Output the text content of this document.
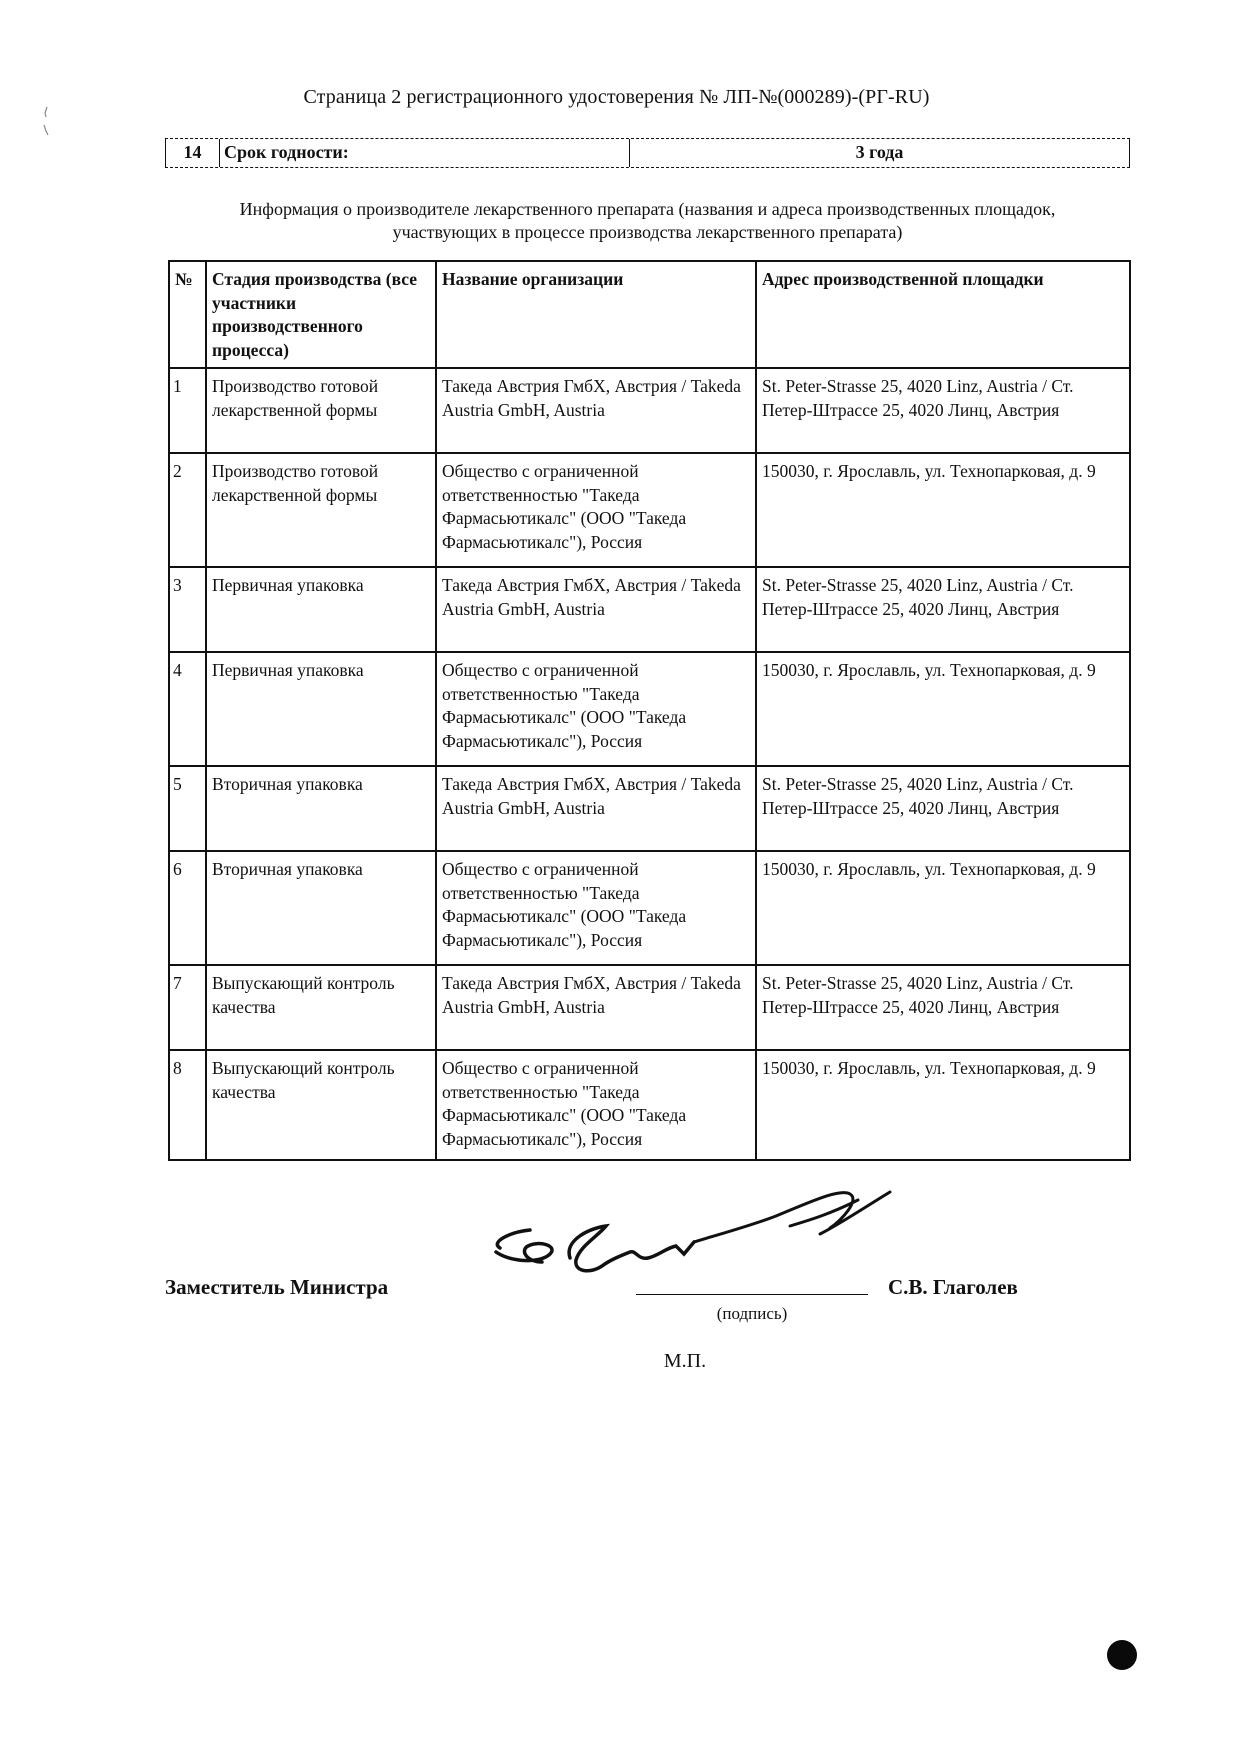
Страница 2 регистрационного удостоверения № ЛП-№(000289)-(РГ-RU)
14	Срок годности:	3 года
Информация о производителе лекарственного препарата (названия и адреса производственных площадок,
участвующих в процессе производства лекарственного препарата)
№	Стадия производства (все участники производственного процесса)	Название организации	Адрес производственной площадки
1	Производство готовой лекарственной формы	Такеда Австрия ГмбХ, Австрия / Takeda Austria GmbH, Austria	St. Peter-Strasse 25, 4020 Linz, Austria / Ст. Петер-Штрассе 25, 4020 Линц, Австрия
2	Производство готовой лекарственной формы	Общество с ограниченной ответственностью "Такеда Фармасьютикалс" (ООО "Такеда Фармасьютикалс"), Россия	150030, г. Ярославль, ул. Технопарковая, д. 9
3	Первичная упаковка	Такеда Австрия ГмбХ, Австрия / Takeda Austria GmbH, Austria	St. Peter-Strasse 25, 4020 Linz, Austria / Ст. Петер-Штрассе 25, 4020 Линц, Австрия
4	Первичная упаковка	Общество с ограниченной ответственностью "Такеда Фармасьютикалс" (ООО "Такеда Фармасьютикалс"), Россия	150030, г. Ярославль, ул. Технопарковая, д. 9
5	Вторичная упаковка	Такеда Австрия ГмбХ, Австрия / Takeda Austria GmbH, Austria	St. Peter-Strasse 25, 4020 Linz, Austria / Ст. Петер-Штрассе 25, 4020 Линц, Австрия
6	Вторичная упаковка	Общество с ограниченной ответственностью "Такеда Фармасьютикалс" (ООО "Такеда Фармасьютикалс"), Россия	150030, г. Ярославль, ул. Технопарковая, д. 9
7	Выпускающий контроль качества	Такеда Австрия ГмбХ, Австрия / Takeda Austria GmbH, Austria	St. Peter-Strasse 25, 4020 Linz, Austria / Ст. Петер-Штрассе 25, 4020 Линц, Австрия
8	Выпускающий контроль качества	Общество с ограниченной ответственностью "Такеда Фармасьютикалс" (ООО "Такеда Фармасьютикалс"), Россия	150030, г. Ярославль, ул. Технопарковая, д. 9
Заместитель Министра	С.В. Глаголев
(подпись)
М.П.
